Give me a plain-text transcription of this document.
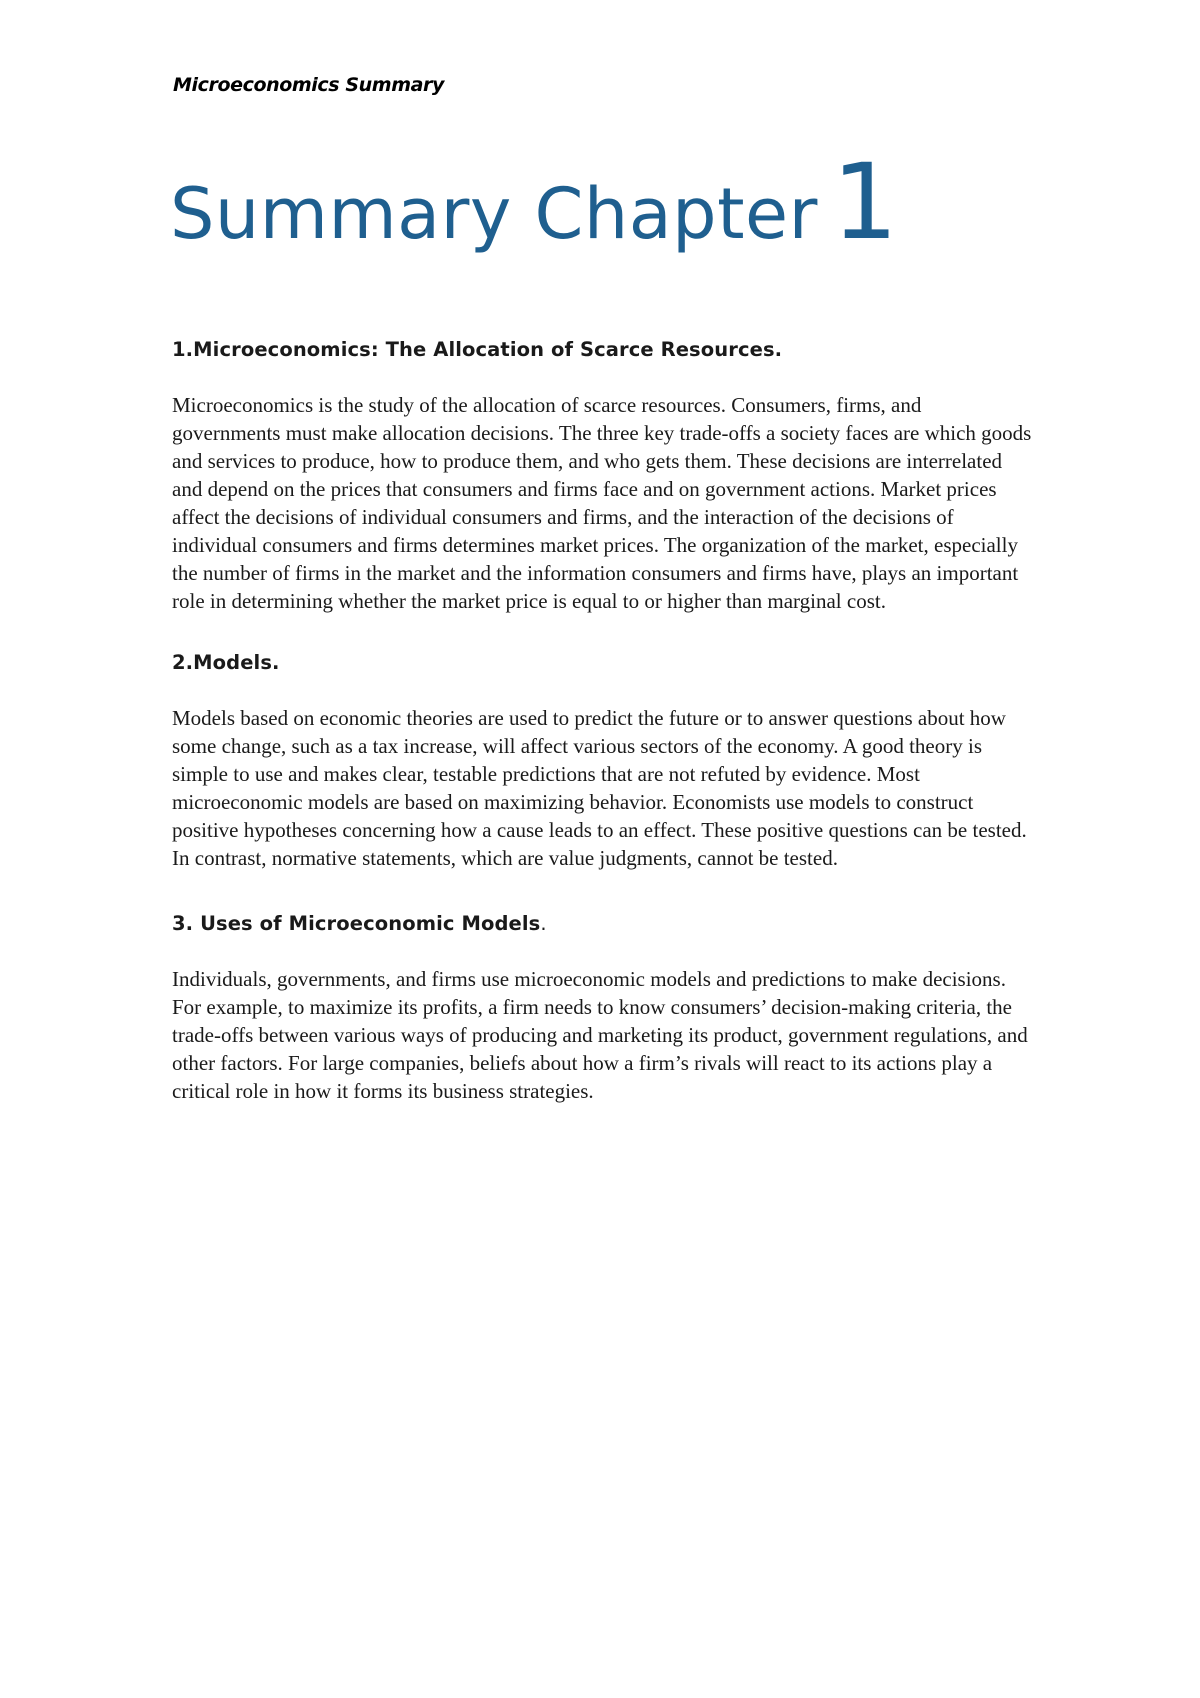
Microeconomics Summary

Summary Chapter 1
1.Microeconomics: The Allocation of Scarce Resources.

Microeconomics is the study of the allocation of scarce resources. Consumers, firms, and governments must make allocation decisions. The three key trade-offs a society faces are which goods and services to produce, how to produce them, and who gets them. These decisions are interrelated and depend on the prices that consumers and firms face and on government actions. Market prices affect the decisions of individual consumers and firms, and the interaction of the decisions of individual consumers and firms determines market prices. The organization of the market, especially the number of firms in the market and the information consumers and firms have, plays an important role in determining whether the market price is equal to or higher than marginal cost.

2.Models.

Models based on economic theories are used to predict the future or to answer questions about how some change, such as a tax increase, will affect various sectors of the economy. A good theory is simple to use and makes clear, testable predictions that are not refuted by evidence. Most microeconomic models are based on maximizing behavior. Economists use models to construct positive hypotheses concerning how a cause leads to an effect. These positive questions can be tested. In contrast, normative statements, which are value judgments, cannot be tested.

3. Uses of Microeconomic Models.

Individuals, governments, and firms use microeconomic models and predictions to make decisions. For example, to maximize its profits, a firm needs to know consumers’ decision-making criteria, the trade-offs between various ways of producing and marketing its product, government regulations, and other factors. For large companies, beliefs about how a firm’s rivals will react to its actions play a critical role in how it forms its business strategies.
